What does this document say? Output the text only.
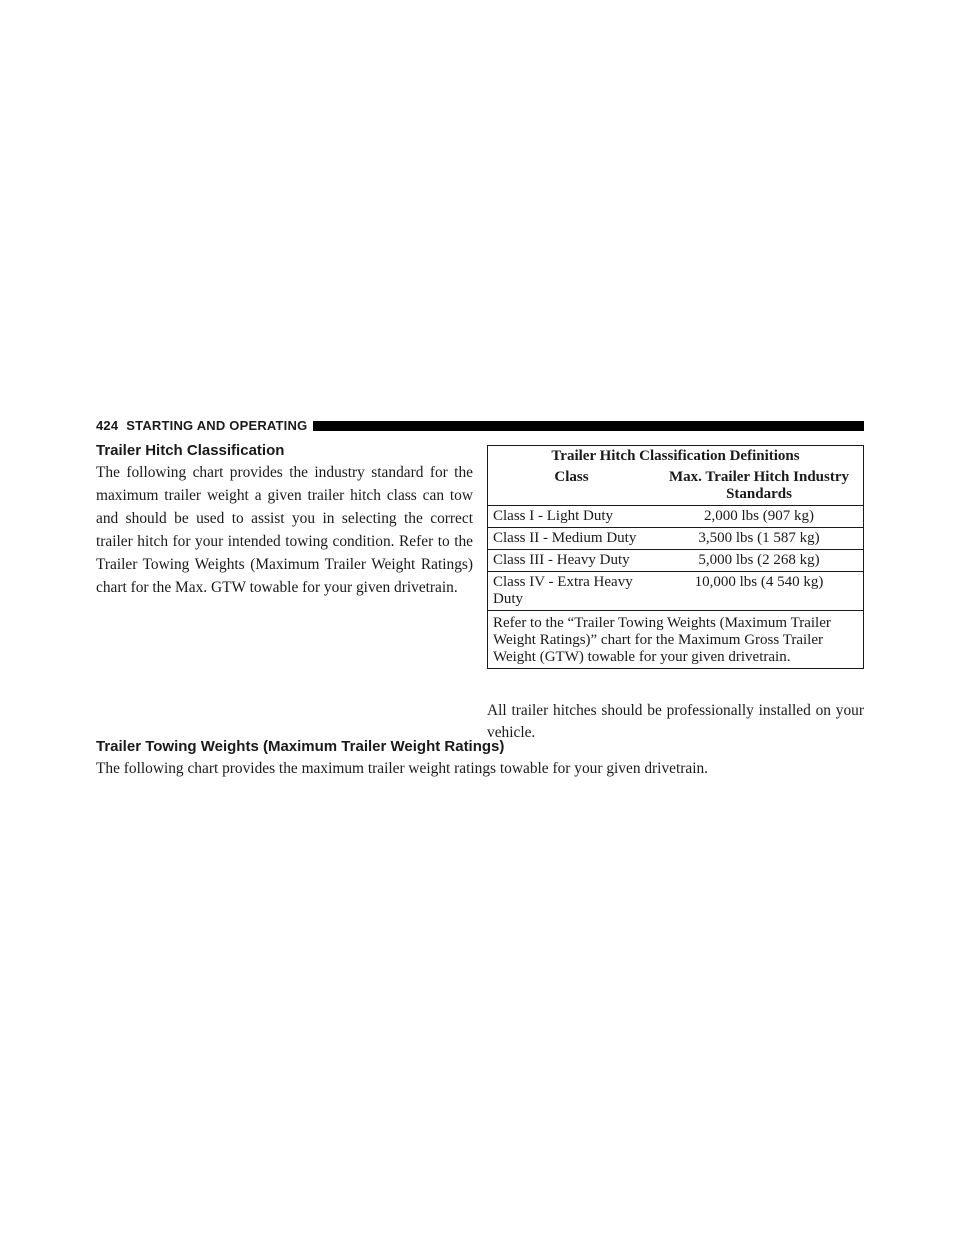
424 STARTING AND OPERATING
Trailer Hitch Classification

The following chart provides the industry standard for the maximum trailer weight a given trailer hitch class can tow and should be used to assist you in selecting the correct trailer hitch for your intended towing condition. Refer to the Trailer Towing Weights (Maximum Trailer Weight Ratings) chart for the Max. GTW towable for your given drivetrain.

Trailer Hitch Classification Definitions	
Class	Max. Trailer Hitch Industry Standards
Class I - Light Duty	2,000 lbs (907 kg)
Class II - Medium Duty	3,500 lbs (1 587 kg)
Class III - Heavy Duty	5,000 lbs (2 268 kg)
Class IV - Extra Heavy Duty	10,000 lbs (4 540 kg)
Refer to the “Trailer Towing Weights (Maximum Trailer Weight Ratings)” chart for the Maximum Gross Trailer Weight (GTW) towable for your given drivetrain.	

All trailer hitches should be professionally installed on your vehicle.

Trailer Towing Weights (Maximum Trailer Weight Ratings)

The following chart provides the maximum trailer weight ratings towable for your given drivetrain.
